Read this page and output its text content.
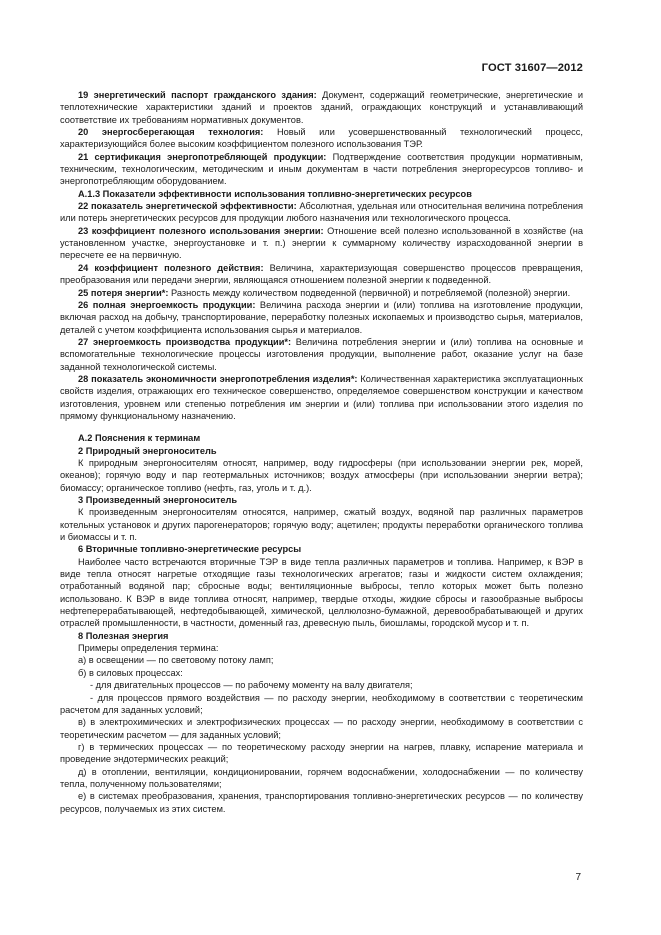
ГОСТ 31607—2012

19 энергетический паспорт гражданского здания: Документ, содержащий геометрические, энергетические и теплотехнические характеристики зданий и проектов зданий, ограждающих конструкций и устанавливающий соответствие их требованиям нормативных документов.

20 энергосберегающая технология: Новый или усовершенствованный технологический процесс, характеризующийся более высоким коэффициентом полезного использования ТЭР.

21 сертификация энергопотребляющей продукции: Подтверждение соответствия продукции нормативным, техническим, технологическим, методическим и иным документам в части потребления энергоресурсов топливо- и энергопотребляющим оборудованием.

А.1.3 Показатели эффективности использования топливно-энергетических ресурсов

22 показатель энергетической эффективности: Абсолютная, удельная или относительная величина потребления или потерь энергетических ресурсов для продукции любого назначения или технологического процесса.

23 коэффициент полезного использования энергии: Отношение всей полезно использованной в хозяйстве (на установленном участке, энергоустановке и т. п.) энергии к суммарному количеству израсходованной энергии в пересчете ее на первичную.

24 коэффициент полезного действия: Величина, характеризующая совершенство процессов превращения, преобразования или передачи энергии, являющаяся отношением полезной энергии к подведенной.

25 потеря энергии*: Разность между количеством подведенной (первичной) и потребляемой (полезной) энергии.

26 полная энергоемкость продукции: Величина расхода энергии и (или) топлива на изготовление продукции, включая расход на добычу, транспортирование, переработку полезных ископаемых и производство сырья, материалов, деталей с учетом коэффициента использования сырья и материалов.

27 энергоемкость производства продукции*: Величина потребления энергии и (или) топлива на основные и вспомогательные технологические процессы изготовления продукции, выполнение работ, оказание услуг на базе заданной технологической системы.

28 показатель экономичности энергопотребления изделия*: Количественная характеристика эксплуатационных свойств изделия, отражающих его техническое совершенство, определяемое совершенством конструкции и качеством изготовления, уровнем или степенью потребления им энергии и (или) топлива при использовании этого изделия по прямому функциональному назначению.

А.2 Пояснения к терминам

2 Природный энергоноситель

К природным энергоносителям относят, например, воду гидросферы (при использовании энергии рек, морей, океанов); горячую воду и пар геотермальных источников; воздух атмосферы (при использовании энергии ветра); биомассу; органическое топливо (нефть, газ, уголь и т. д.).

3 Произведенный энергоноситель

К произведенным энергоносителям относятся, например, сжатый воздух, водяной пар различных параметров котельных установок и других парогенераторов; горячую воду; ацетилен; продукты переработки органического топлива и биомассы и т. п.

6 Вторичные топливно-энергетические ресурсы

Наиболее часто встречаются вторичные ТЭР в виде тепла различных параметров и топлива. Например, к ВЭР в виде тепла относят нагретые отходящие газы технологических агрегатов; газы и жидкости систем охлаждения; отработанный водяной пар; сбросные воды; вентиляционные выбросы, тепло которых может быть полезно использовано. К ВЭР в виде топлива относят, например, твердые отходы, жидкие сбросы и газообразные выбросы нефтеперерабатывающей, нефтедобывающей, химической, целлюлозно-бумажной, деревообрабатывающей и других отраслей промышленности, в частности, доменный газ, древесную пыль, биошламы, городской мусор и т. п.

8 Полезная энергия

Примеры определения термина:

а) в освещении — по световому потоку ламп;

б) в силовых процессах:

- для двигательных процессов — по рабочему моменту на валу двигателя;

- для процессов прямого воздействия — по расходу энергии, необходимому в соответствии с теоретическим расчетом для заданных условий;

в) в электрохимических и электрофизических процессах — по расходу энергии, необходимому в соответствии с теоретическим расчетом — для заданных условий;

г) в термических процессах — по теоретическому расходу энергии на нагрев, плавку, испарение материала и проведение эндотермических реакций;

д) в отоплении, вентиляции, кондиционировании, горячем водоснабжении, холодоснабжении — по количеству тепла, полученному пользователями;

е) в системах преобразования, хранения, транспортирования топливно-энергетических ресурсов — по количеству ресурсов, получаемых из этих систем.

7
